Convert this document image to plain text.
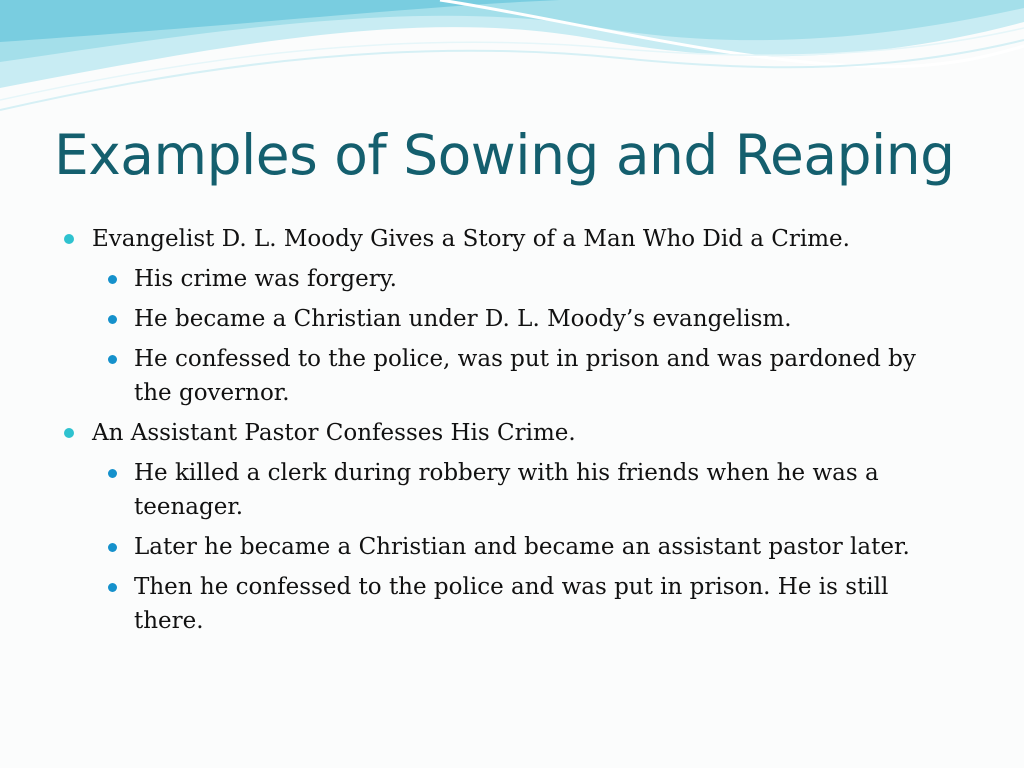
Examples of Sowing and Reaping
Evangelist D. L. Moody Gives a Story of a Man Who Did a Crime.
His crime was forgery.
He became a Christian under D. L. Moody’s evangelism.
He confessed to the police, was put in prison and was pardoned by the governor.
An Assistant Pastor Confesses His Crime.
He killed a clerk during robbery with his friends when he was a teenager.
Later he became a Christian and became an assistant pastor later.
Then he confessed to the police and was put in prison. He is still there.
